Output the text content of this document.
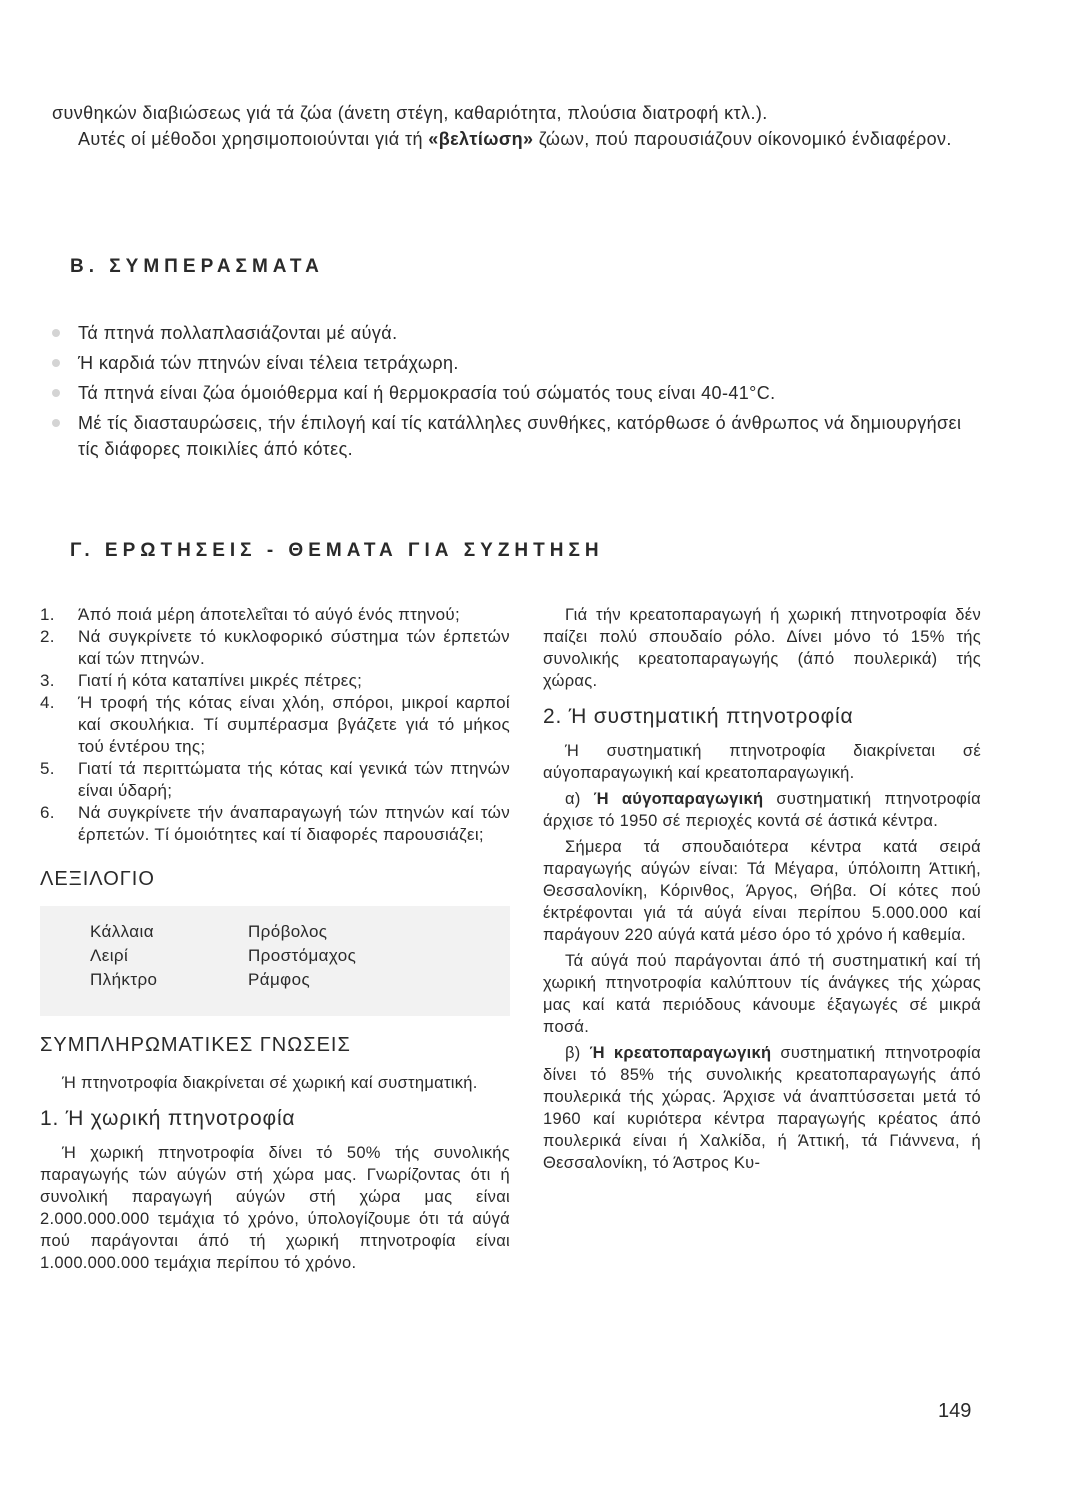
συνθηκών διαβιώσεως γιά τά ζώα (άνετη στέγη, καθαριότητα, πλούσια διατροφή κτλ.).

Αυτές οί μέθοδοι χρησιμοποιούνται γιά τή «βελτίωση» ζώων, πού παρουσιάζουν οίκονομικό ένδιαφέρον.

Β. ΣΥΜΠΕΡΑΣΜΑΤΑ
Τά πτηνά πολλαπλασιάζονται μέ αύγά.
Ή καρδιά τών πτηνών είναι τέλεια τετράχωρη.
Τά πτηνά είναι ζώα όμοιόθερμα καί ή θερμοκρασία τού σώματός τους είναι 40-41°C.
Μέ τίς διασταυρώσεις, τήν έπιλογή καί τίς κατάλληλες συνθήκες, κατόρθωσε ό άνθρωπος νά δημιουργήσει τίς διάφορες ποικιλίες άπό κότες.
Γ. ΕΡΩΤΗΣΕΙΣ - ΘΕΜΑΤΑ ΓΙΑ ΣΥΖΗΤΗΣΗ
1. Άπό ποιά μέρη άποτελεΐται τό αύγό ένός πτηνού;
2. Νά συγκρίνετε τό κυκλοφορικό σύστημα τών έρπετών καί τών πτηνών.
3. Γιατί ή κότα καταπίνει μικρές πέτρες;
4. Ή τροφή τής κότας είναι χλόη, σπόροι, μικροί καρποί καί σκουλήκια. Τί συμπέρασμα βγάζετε γιά τό μήκος τού έντέρου της;
5. Γιατί τά περιττώματα τής κότας καί γενικά τών πτηνών είναι ύδαρή;
6. Νά συγκρίνετε τήν άναπαραγωγή τών πτηνών καί τών έρπετών. Τί όμοιότητες καί τί διαφορές παρουσιάζει;
ΛΕΞΙΛΟΓΙΟ
Κάλλαια
Λειρί
Πλήκτρο
Πρόβολος
Προστόμαχος
Ράμφος
ΣΥΜΠΛΗΡΩΜΑΤΙΚΕΣ ΓΝΩΣΕΙΣ

Ή πτηνοτροφία διακρίνεται σέ χωρική καί συστηματική.

1. Ή χωρική πτηνοτροφία

Ή χωρική πτηνοτροφία δίνει τό 50% τής συνολικής παραγωγής τών αύγών στή χώρα μας. Γνωρίζοντας ότι ή συνολική παραγωγή αύγών στή χώρα μας είναι 2.000.000.000 τεμάχια τό χρόνο, ύπολογίζουμε ότι τά αύγά πού παράγονται άπό τή χωρική πτηνοτροφία είναι 1.000.000.000 τεμάχια περίπου τό χρόνο.

Γιά τήν κρεατοπαραγωγή ή χωρική πτηνοτροφία δέν παίζει πολύ σπουδαίο ρόλο. Δίνει μόνο τό 15% τής συνολικής κρεατοπαραγωγής (άπό πουλερικά) τής χώρας.

2. Ή συστηματική πτηνοτροφία

Ή συστηματική πτηνοτροφία διακρίνεται σέ αύγοπαραγωγική καί κρεατοπαραγωγική.

α) Ή αύγοπαραγωγική συστηματική πτηνοτροφία άρχισε τό 1950 σέ περιοχές κοντά σέ άστικά κέντρα.

Σήμερα τά σπουδαιότερα κέντρα κατά σειρά παραγωγής αύγών είναι: Τά Μέγαρα, ύπόλοιπη Άττική, Θεσσαλονίκη, Κόρινθος, Άργος, Θήβα. Οί κότες πού έκτρέφονται γιά τά αύγά είναι περίπου 5.000.000 καί παράγουν 220 αύγά κατά μέσο όρο τό χρόνο ή καθεμία.

Τά αύγά πού παράγονται άπό τή συστηματική καί τή χωρική πτηνοτροφία καλύπτουν τίς άνάγκες τής χώρας μας καί κατά περιόδους κάνουμε έξαγωγές σέ μικρά ποσά.

β) Ή κρεατοπαραγωγική συστηματική πτηνοτροφία δίνει τό 85% τής συνολικής κρεατοπαραγωγής άπό πουλερικά τής χώρας. Άρχισε νά άναπτύσσεται μετά τό 1960 καί κυριότερα κέντρα παραγωγής κρέατος άπό πουλερικά είναι ή Χαλκίδα, ή Άττική, τά Γιάννενα, ή Θεσσαλονίκη, τό Άστρος Κυ-

149
